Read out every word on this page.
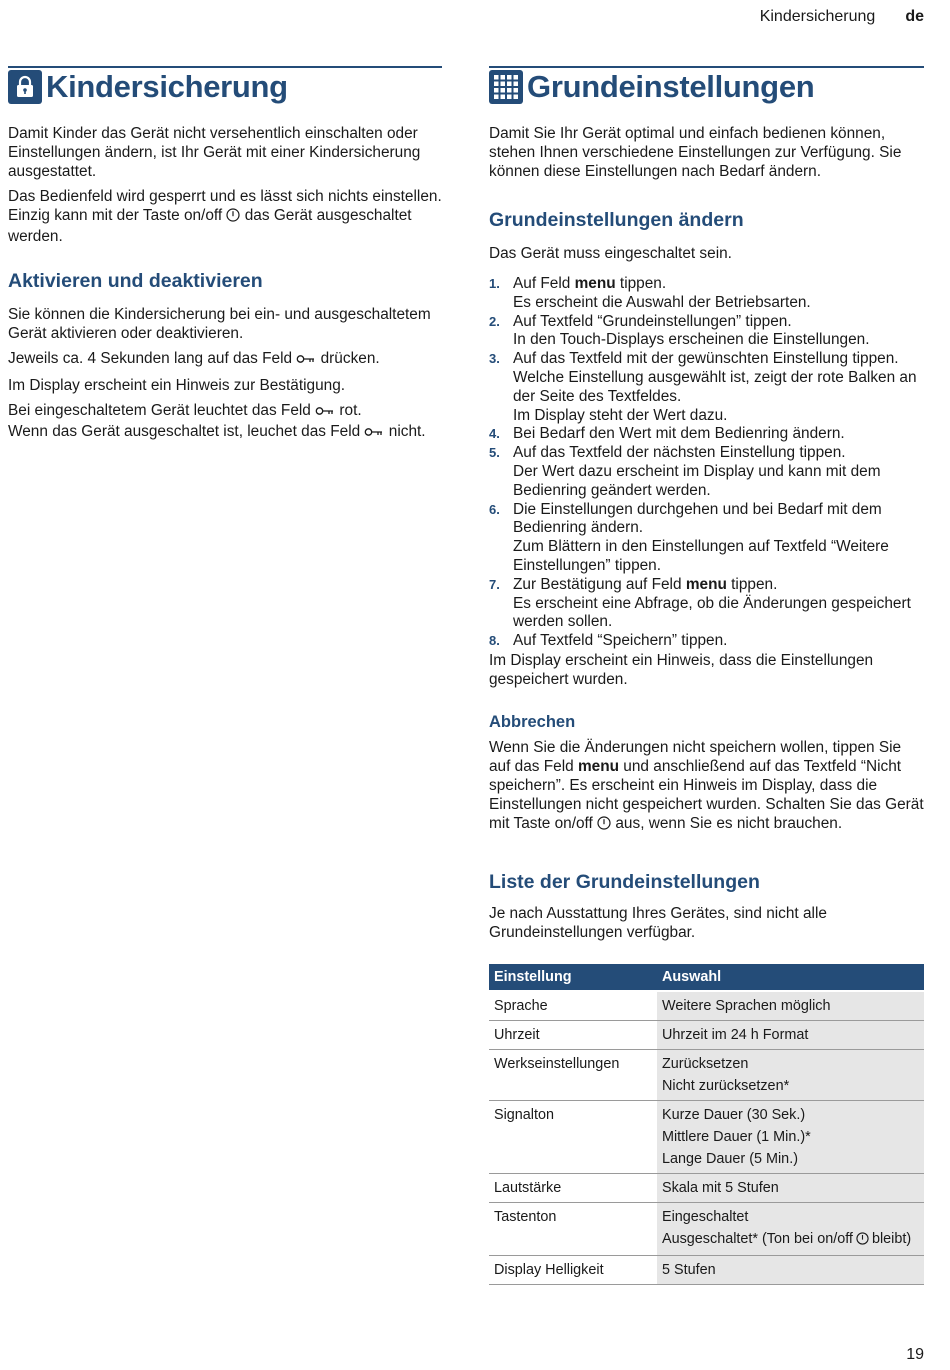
Kindersicherung de
Kindersicherung

Damit Kinder das Gerät nicht versehentlich einschalten oder Einstellungen ändern, ist Ihr Gerät mit einer Kindersicherung ausgestattet.

Das Bedienfeld wird gesperrt und es lässt sich nichts einstellen. Einzig kann mit der Taste on/off das Gerät ausgeschaltet werden.

Aktivieren und deaktivieren

Sie können die Kindersicherung bei ein- und ausgeschaltetem Gerät aktivieren oder deaktivieren.

Jeweils ca. 4 Sekunden lang auf das Feld drücken.

Im Display erscheint ein Hinweis zur Bestätigung.

Bei eingeschaltetem Gerät leuchtet das Feld rot.

Wenn das Gerät ausgeschaltet ist, leuchet das Feld nicht.

Grundeinstellungen

Damit Sie Ihr Gerät optimal und einfach bedienen können, stehen Ihnen verschiedene Einstellungen zur Verfügung. Sie können diese Einstellungen nach Bedarf ändern.

Grundeinstellungen ändern

Das Gerät muss eingeschaltet sein.

1. Auf Feld menu tippen.
Es erscheint die Auswahl der Betriebsarten.
2. Auf Textfeld “Grundeinstellungen” tippen.
In den Touch-Displays erscheinen die Einstellungen.
3. Auf das Textfeld mit der gewünschten Einstellung tippen.
Welche Einstellung ausgewählt ist, zeigt der rote Balken an der Seite des Textfeldes.
Im Display steht der Wert dazu.
4. Bei Bedarf den Wert mit dem Bedienring ändern.
5. Auf das Textfeld der nächsten Einstellung tippen.
Der Wert dazu erscheint im Display und kann mit dem Bedienring geändert werden.
6. Die Einstellungen durchgehen und bei Bedarf mit dem Bedienring ändern.
Zum Blättern in den Einstellungen auf Textfeld “Weitere Einstellungen” tippen.
7. Zur Bestätigung auf Feld menu tippen.
Es erscheint eine Abfrage, ob die Änderungen gespeichert werden sollen.
8. Auf Textfeld “Speichern” tippen.

Im Display erscheint ein Hinweis, dass die Einstellungen gespeichert wurden.

Abbrechen

Wenn Sie die Änderungen nicht speichern wollen, tippen Sie auf das Feld menu und anschließend auf das Textfeld “Nicht speichern”. Es erscheint ein Hinweis im Display, dass die Einstellungen nicht gespeichert wurden. Schalten Sie das Gerät mit Taste on/off aus, wenn Sie es nicht brauchen.

Liste der Grundeinstellungen

Je nach Ausstattung Ihres Gerätes, sind nicht alle Grundeinstellungen verfügbar.

Einstellung	Auswahl
Sprache	Weitere Sprachen möglich

Uhrzeit	Uhrzeit im 24 h Format

Werkseinstellungen	Zurücksetzen
Nicht zurücksetzen*

Signalton	Kurze Dauer (30 Sek.)
Mittlere Dauer (1 Min.)*
Lange Dauer (5 Min.)

Lautstärke	Skala mit 5 Stufen

Tastenton	Eingeschaltet
Ausgeschaltet* (Ton bei on/off bleibt)

Display Helligkeit	5 Stufen
19
